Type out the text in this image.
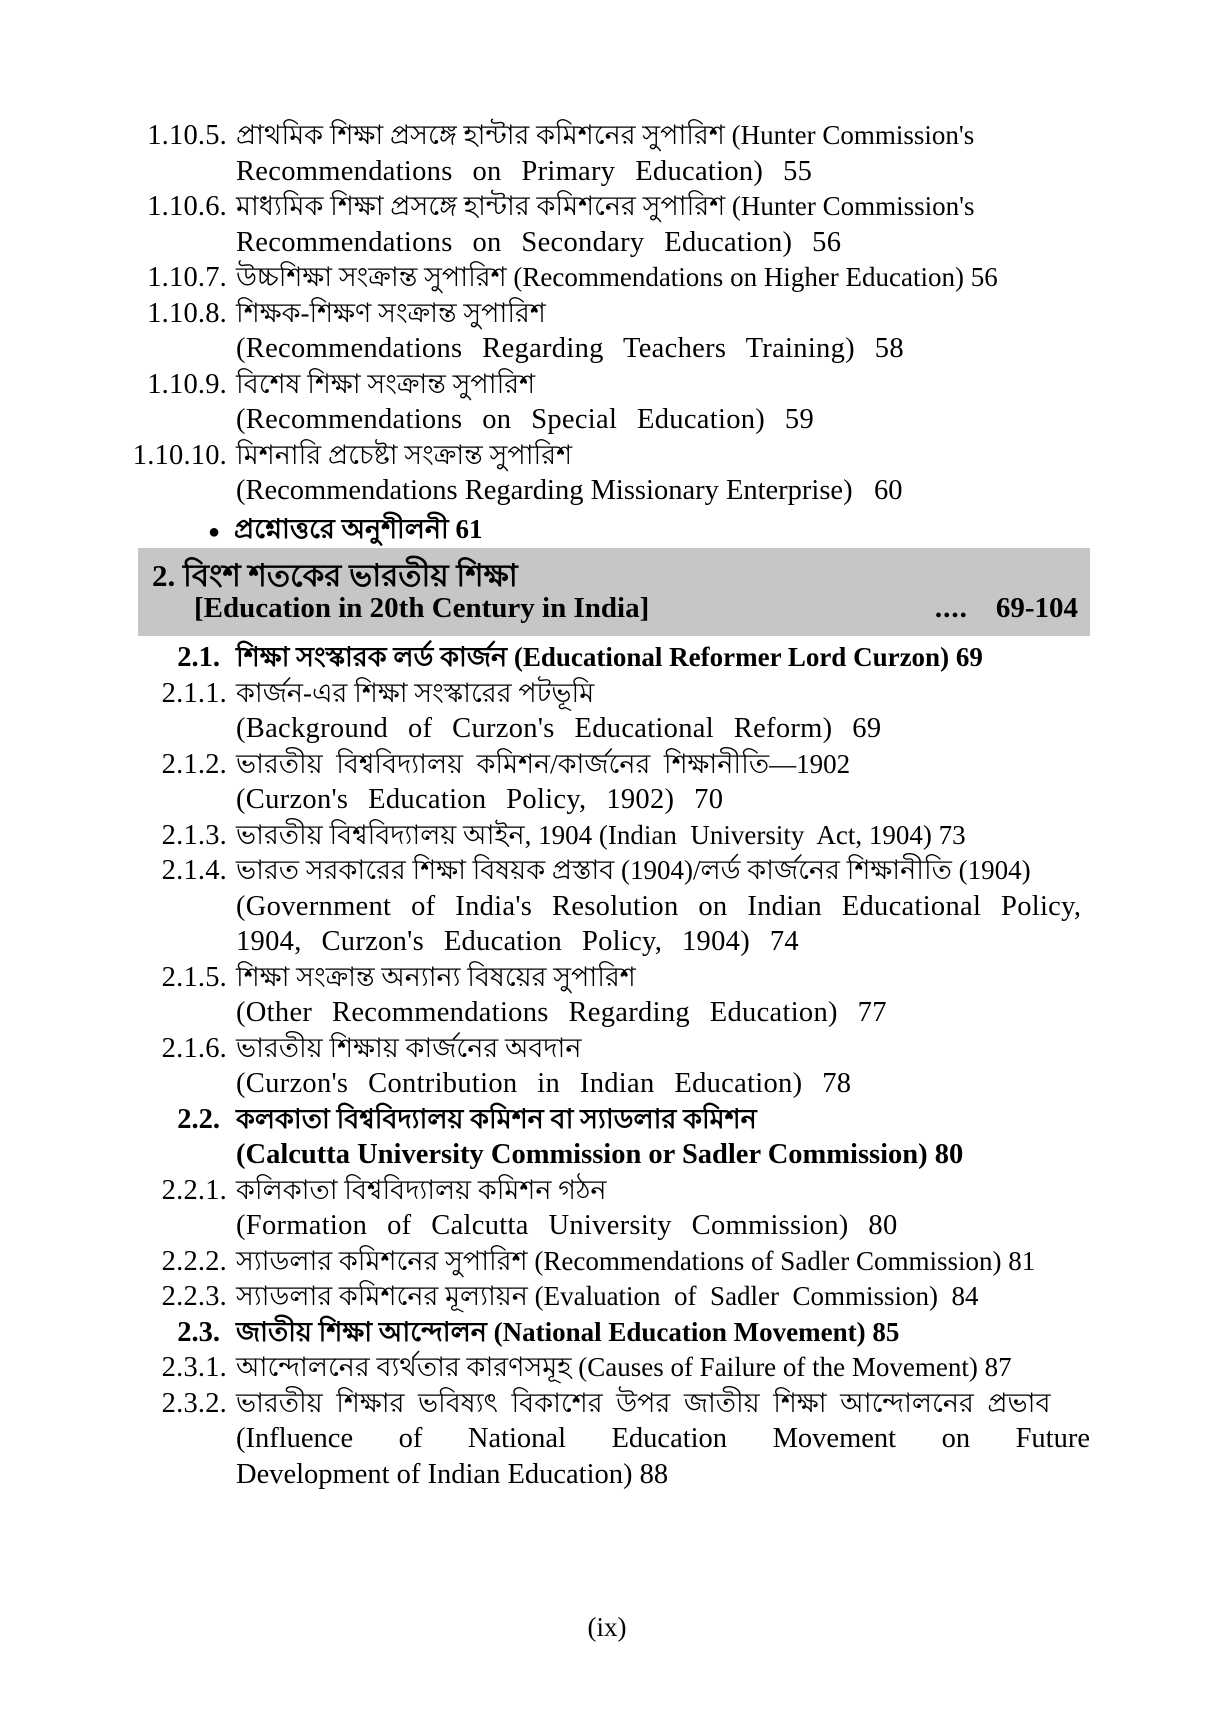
1.10.5. প্রাথমিক শিক্ষা প্রসঙ্গে হান্টার কমিশনের সুপারিশ (Hunter Commission's
Recommendations  on  Primary  Education)  55
1.10.6. মাধ্যমিক শিক্ষা প্রসঙ্গে হান্টার কমিশনের সুপারিশ (Hunter Commission's
Recommendations  on  Secondary  Education)  56
1.10.7. উচ্চশিক্ষা সংক্রান্ত সুপারিশ (Recommendations on Higher Education) 56
1.10.8. শিক্ষক-শিক্ষণ সংক্রান্ত সুপারিশ
(Recommendations  Regarding  Teachers  Training)  58
1.10.9. বিশেষ শিক্ষা সংক্রান্ত সুপারিশ
(Recommendations  on  Special  Education)  59
1.10.10. মিশনারি প্রচেষ্টা সংক্রান্ত সুপারিশ
(Recommendations Regarding Missionary Enterprise)   60
● প্রশ্নোত্তরে অনুশীলনী 61
2. বিংশ শতকের ভারতীয় শিক্ষা
[Education in 20th Century in India]	.... 69-104
2.1. শিক্ষা সংস্কারক লর্ড কার্জন (Educational Reformer Lord Curzon) 69
2.1.1. কার্জন-এর শিক্ষা সংস্কারের পটভূমি
(Background  of  Curzon's  Educational  Reform)  69
2.1.2. ভারতীয়  বিশ্ববিদ্যালয়  কমিশন/কার্জনের  শিক্ষানীতি—1902
(Curzon's  Education  Policy,  1902)  70
2.1.3. ভারতীয় বিশ্ববিদ্যালয় আইন, 1904 (Indian  University  Act, 1904) 73
2.1.4. ভারত সরকারের শিক্ষা বিষয়ক প্রস্তাব (1904)/লর্ড কার্জনের শিক্ষানীতি (1904)
(Government  of  India's  Resolution  on  Indian  Educational  Policy,
1904,  Curzon's  Education  Policy,  1904)  74
2.1.5. শিক্ষা সংক্রান্ত অন্যান্য বিষয়ের সুপারিশ
(Other  Recommendations  Regarding  Education)  77
2.1.6. ভারতীয় শিক্ষায় কার্জনের অবদান
(Curzon's  Contribution  in  Indian  Education)  78
2.2. কলকাতা বিশ্ববিদ্যালয় কমিশন বা স্যাডলার কমিশন
(Calcutta University Commission or Sadler Commission) 80
2.2.1. কলিকাতা বিশ্ববিদ্যালয় কমিশন গঠন
(Formation  of  Calcutta  University  Commission)  80
2.2.2. স্যাডলার কমিশনের সুপারিশ (Recommendations of Sadler Commission) 81
2.2.3. স্যাডলার কমিশনের মূল্যায়ন (Evaluation  of  Sadler  Commission)  84
2.3. জাতীয় শিক্ষা আন্দোলন (National Education Movement) 85
2.3.1. আন্দোলনের ব্যর্থতার কারণসমূহ (Causes of Failure of the Movement) 87
2.3.2. ভারতীয়  শিক্ষার  ভবিষ্যৎ  বিকাশের  উপর  জাতীয়  শিক্ষা  আন্দোলনের  প্রভাব
(Influence of National Education Movement on Future
Development of Indian Education) 88
(ix)
